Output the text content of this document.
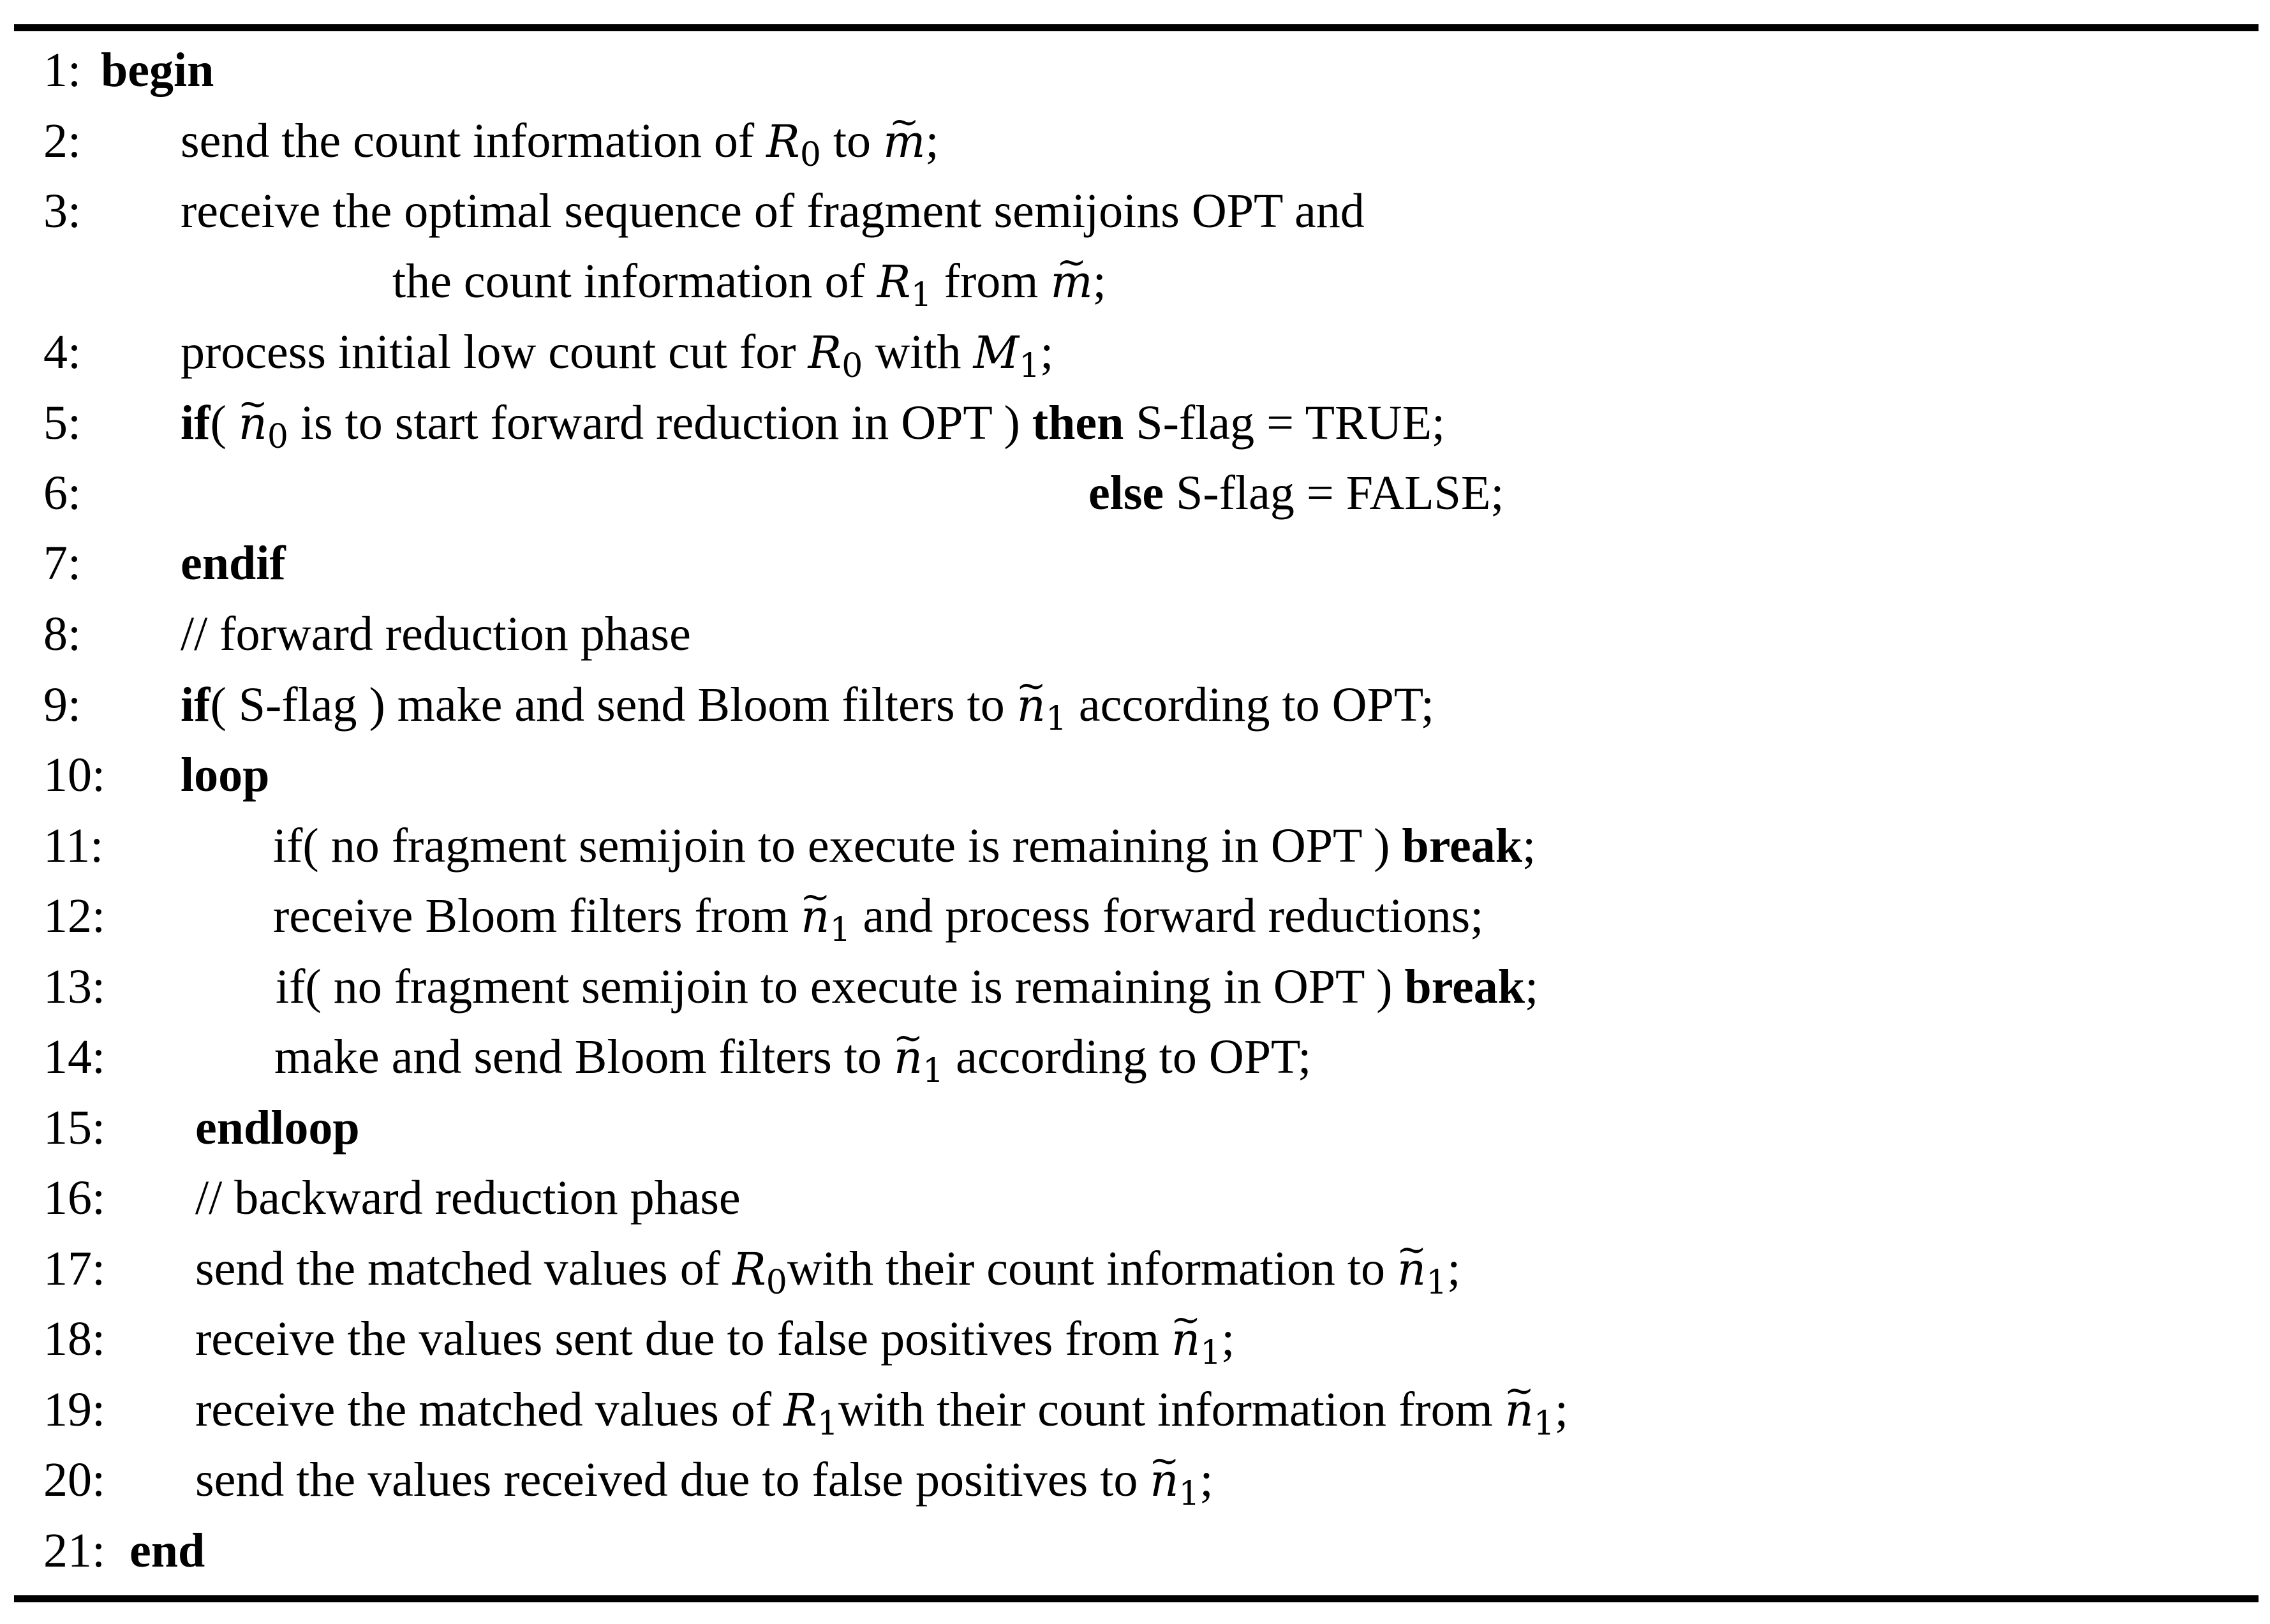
1: begin
2: send the count information of $R_0$ to ~ m;
3: receive the optimal sequence of fragment semijoins OPT and
the count information of $R_1$ from ~ m;
4: process initial low count cut for $R_0$ with $M_1$;
5: if( ~ $n_0$ is to start forward reduction in OPT ) then S-flag = TRUE;
6:	else S-flag = FALSE;
7: endif
8: // forward reduction phase
9: if( S-flag ) make and send Bloom filters to ~ $n_1$ according to OPT;
10: loop
11:	if( no fragment semijoin to execute is remaining in OPT ) break;
12:	receive Bloom filters from ~ $n_1$ and process forward reductions;
13:	if( no fragment semijoin to execute is remaining in OPT ) break;
14:	make and send Bloom filters to ~ $n_1$ according to OPT;
15: endloop
16: // backward reduction phase
17: send the matched values of $R_0with$ their count information to ~ $n_1$;
18: receive the values sent due to false positives from ~ $n_1$;
19: receive the matched values of $R_1with$ their count information from ~ $n_1$;
20: send the values received due to false positives to ~ $n_1$;
21: end
